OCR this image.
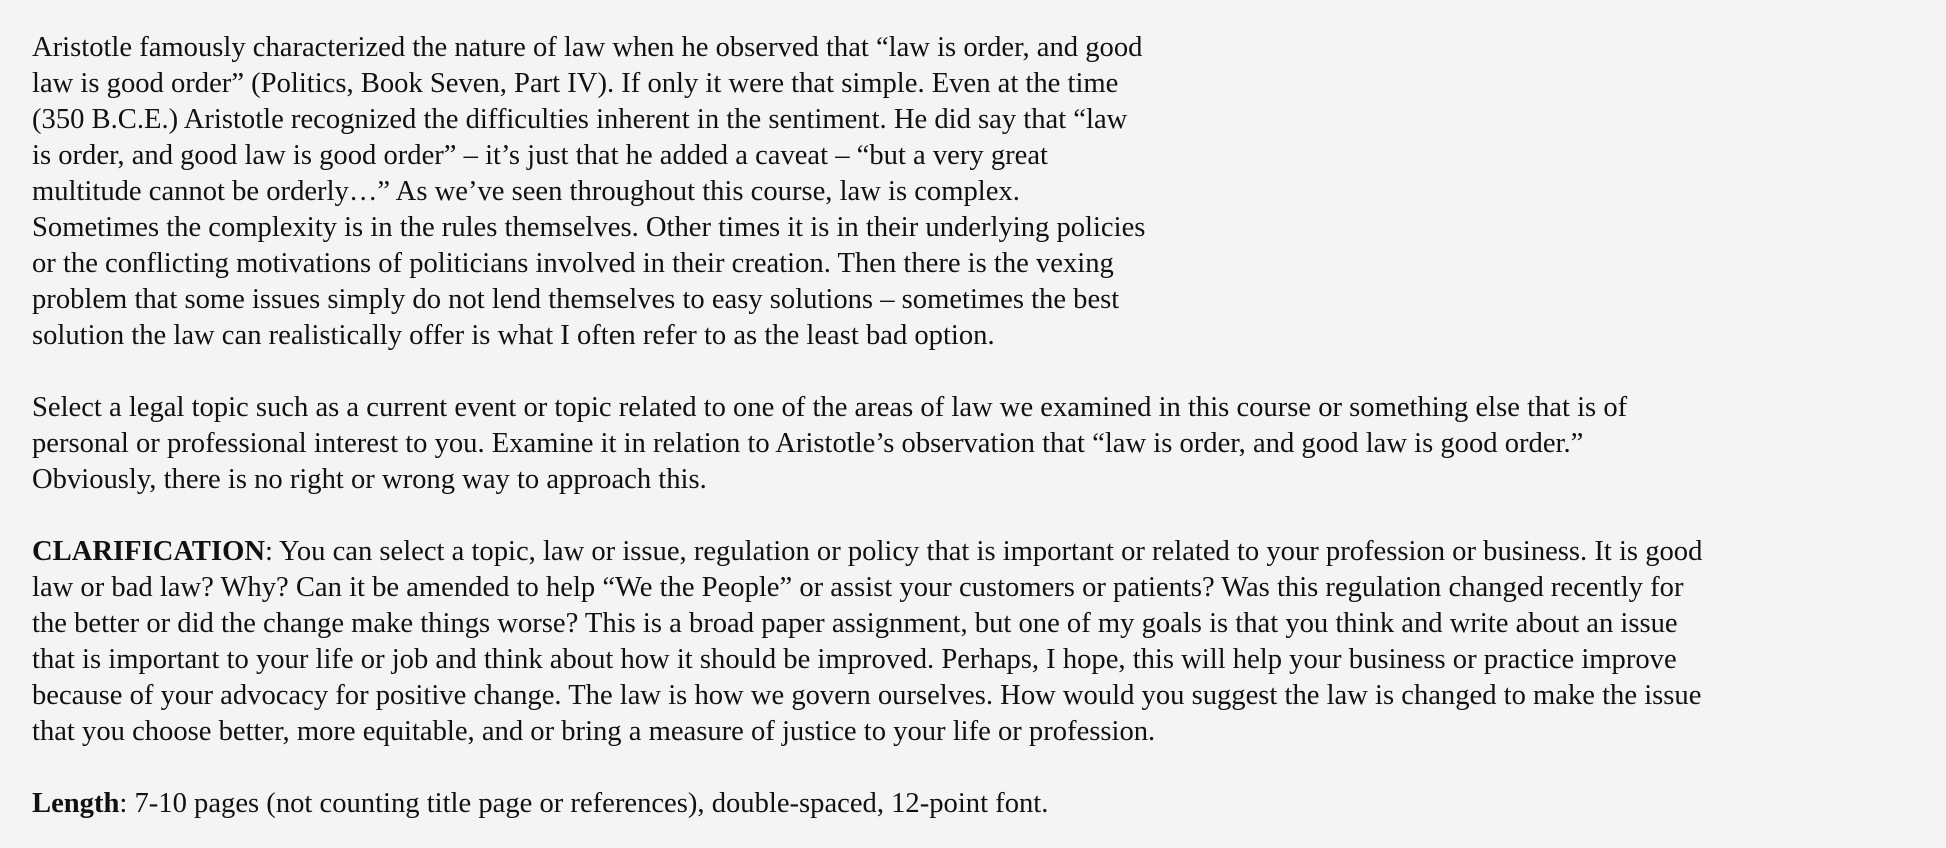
Aristotle famously characterized the nature of law when he observed that “law is order, and good
law is good order” (Politics, Book Seven, Part IV). If only it were that simple. Even at the time
(350 B.C.E.) Aristotle recognized the difficulties inherent in the sentiment. He did say that “law
is order, and good law is good order” – it’s just that he added a caveat – “but a very great
multitude cannot be orderly…” As we’ve seen throughout this course, law is complex.
Sometimes the complexity is in the rules themselves. Other times it is in their underlying policies
or the conflicting motivations of politicians involved in their creation. Then there is the vexing
problem that some issues simply do not lend themselves to easy solutions – sometimes the best
solution the law can realistically offer is what I often refer to as the least bad option.

Select a legal topic such as a current event or topic related to one of the areas of law we examined in this course or something else that is of
personal or professional interest to you. Examine it in relation to Aristotle’s observation that “law is order, and good law is good order.”
Obviously, there is no right or wrong way to approach this.

CLARIFICATION: You can select a topic, law or issue, regulation or policy that is important or related to your profession or business. It is good
law or bad law? Why? Can it be amended to help “We the People” or assist your customers or patients? Was this regulation changed recently for
the better or did the change make things worse? This is a broad paper assignment, but one of my goals is that you think and write about an issue
that is important to your life or job and think about how it should be improved. Perhaps, I hope, this will help your business or practice improve
because of your advocacy for positive change. The law is how we govern ourselves. How would you suggest the law is changed to make the issue
that you choose better, more equitable, and or bring a measure of justice to your life or profession.

Length: 7-10 pages (not counting title page or references), double-spaced, 12-point font.
